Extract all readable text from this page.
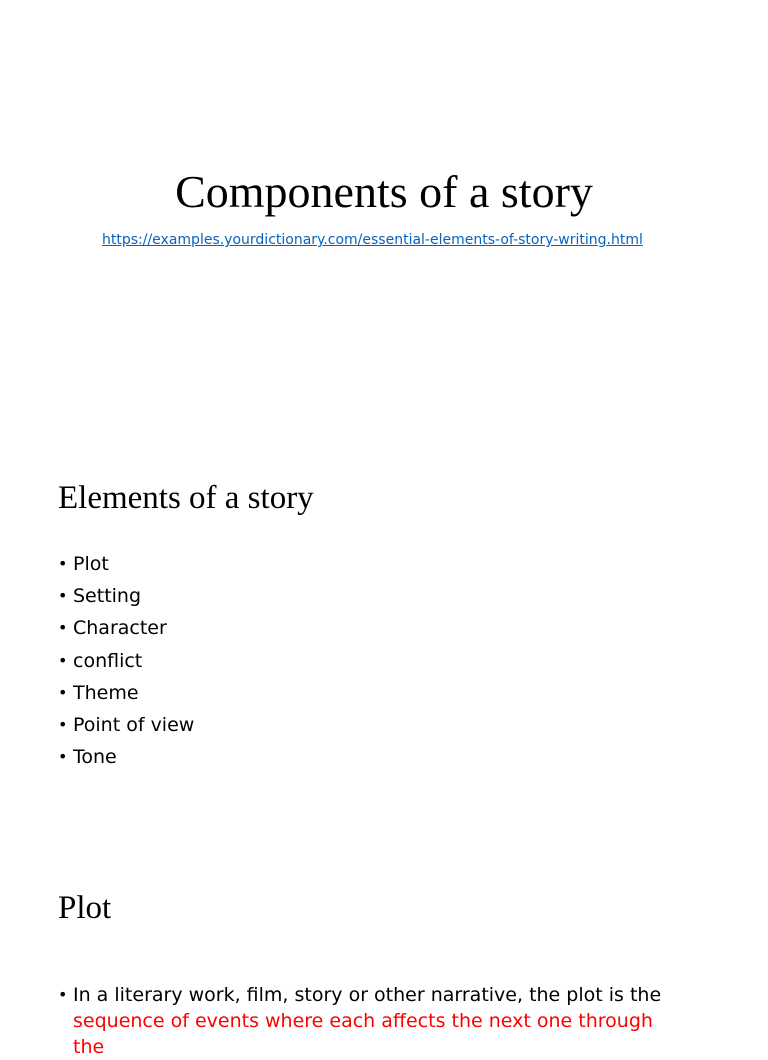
Components of a story
https://examples.yourdictionary.com/essential-elements-of-story-writing.html
Elements of a story
• Plot
• Setting
• Character
• conflict
• Theme
• Point of view
• Tone
Plot
• In a literary work, film, story or other narrative, the plot is the sequence of events where each affects the next one through the
